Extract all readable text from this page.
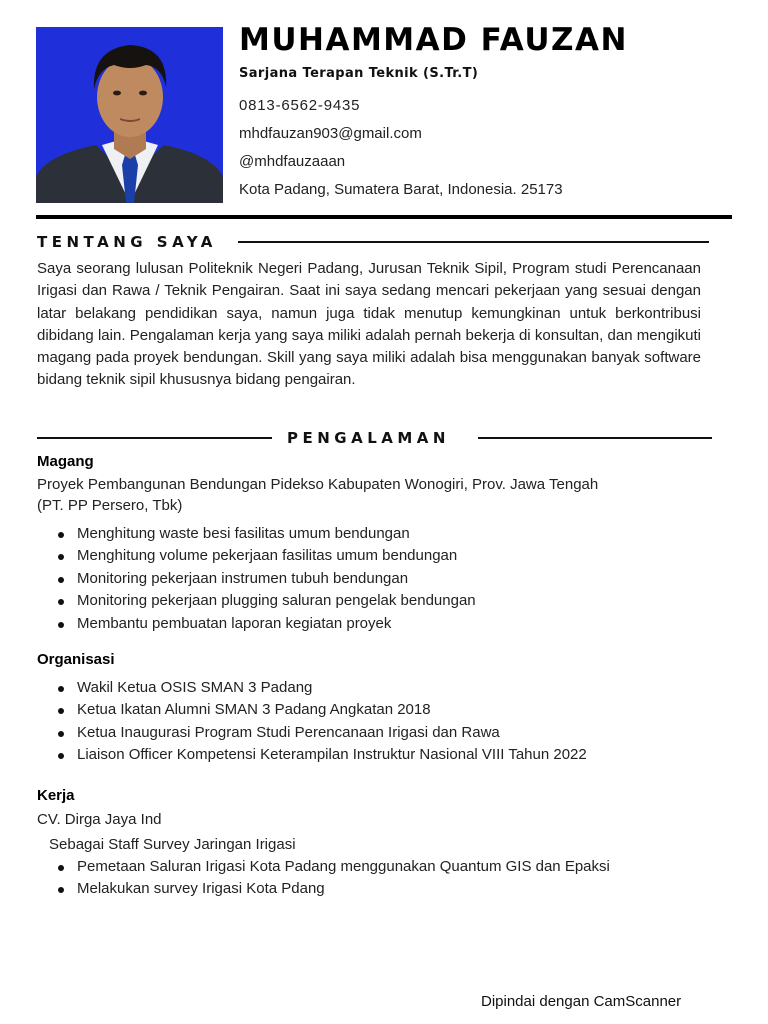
MUHAMMAD FAUZAN
Sarjana Terapan Teknik (S.Tr.T)
0813-6562-9435
mhdfauzan903@gmail.com
@mhdfauzaaan
Kota Padang, Sumatera Barat, Indonesia. 25173
TENTANG SAYA
Saya seorang lulusan Politeknik Negeri Padang, Jurusan Teknik Sipil, Program studi Perencanaan Irigasi dan Rawa / Teknik Pengairan. Saat ini saya sedang mencari pekerjaan yang sesuai dengan latar belakang pendidikan saya, namun juga tidak menutup kemungkinan untuk berkontribusi dibidang lain. Pengalaman kerja yang saya miliki adalah pernah bekerja di konsultan, dan mengikuti magang pada proyek bendungan. Skill yang saya miliki adalah bisa menggunakan banyak software bidang teknik sipil khususnya bidang pengairan.
PENGALAMAN
Magang
Proyek Pembangunan Bendungan Pidekso Kabupaten Wonogiri, Prov. Jawa Tengah
(PT. PP Persero, Tbk)
Menghitung waste besi fasilitas umum bendungan
Menghitung volume pekerjaan fasilitas umum bendungan
Monitoring pekerjaan instrumen tubuh bendungan
Monitoring pekerjaan plugging saluran pengelak bendungan
Membantu pembuatan laporan kegiatan proyek
Organisasi
Wakil Ketua OSIS SMAN 3 Padang
Ketua Ikatan Alumni SMAN 3 Padang Angkatan 2018
Ketua Inaugurasi Program Studi Perencanaan Irigasi dan Rawa
Liaison Officer Kompetensi Keterampilan Instruktur Nasional VIII Tahun 2022
Kerja
CV. Dirga Jaya Ind
Sebagai Staff Survey Jaringan Irigasi
Pemetaan Saluran Irigasi Kota Padang menggunakan Quantum GIS dan Epaksi
Melakukan survey Irigasi Kota Pdang
Dipindai dengan CamScanner
